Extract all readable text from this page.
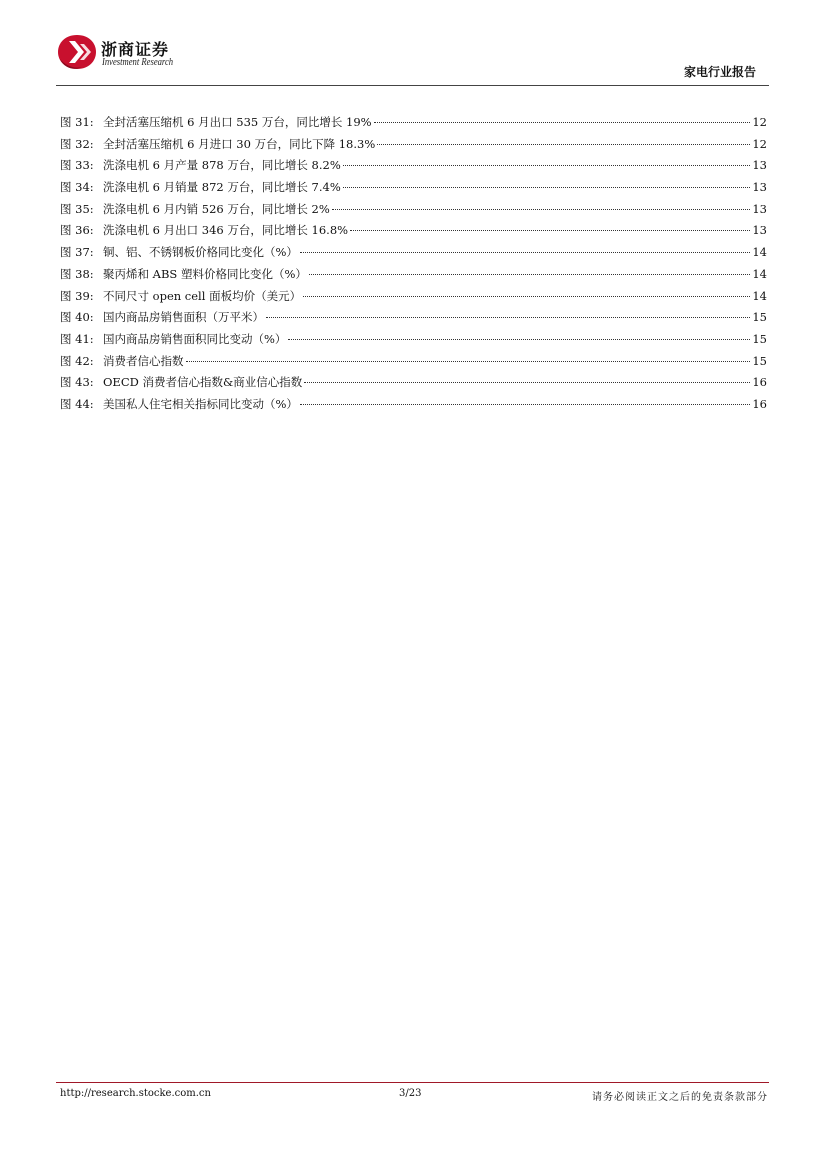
浙商证券
Investment Research
家电行业报告
图 31: 全封活塞压缩机 6 月出口 535 万台，同比增长 19%	12
图 32: 全封活塞压缩机 6 月进口 30 万台，同比下降 18.3%	12
图 33: 洗涤电机 6 月产量 878 万台，同比增长 8.2%	13
图 34: 洗涤电机 6 月销量 872 万台，同比增长 7.4%	13
图 35: 洗涤电机 6 月内销 526 万台，同比增长 2%	13
图 36: 洗涤电机 6 月出口 346 万台，同比增长 16.8%	13
图 37: 铜、铝、不锈钢板价格同比变化（%）	14
图 38: 聚丙烯和 ABS 塑料价格同比变化（%）	14
图 39: 不同尺寸 open cell 面板均价（美元）	14
图 40: 国内商品房销售面积（万平米）	15
图 41: 国内商品房销售面积同比变动（%）	15
图 42: 消费者信心指数	15
图 43: OECD 消费者信心指数&商业信心指数	16
图 44: 美国私人住宅相关指标同比变动（%）	16
http://research.stocke.com.cn	3/23	请务必阅读正文之后的免责条款部分
